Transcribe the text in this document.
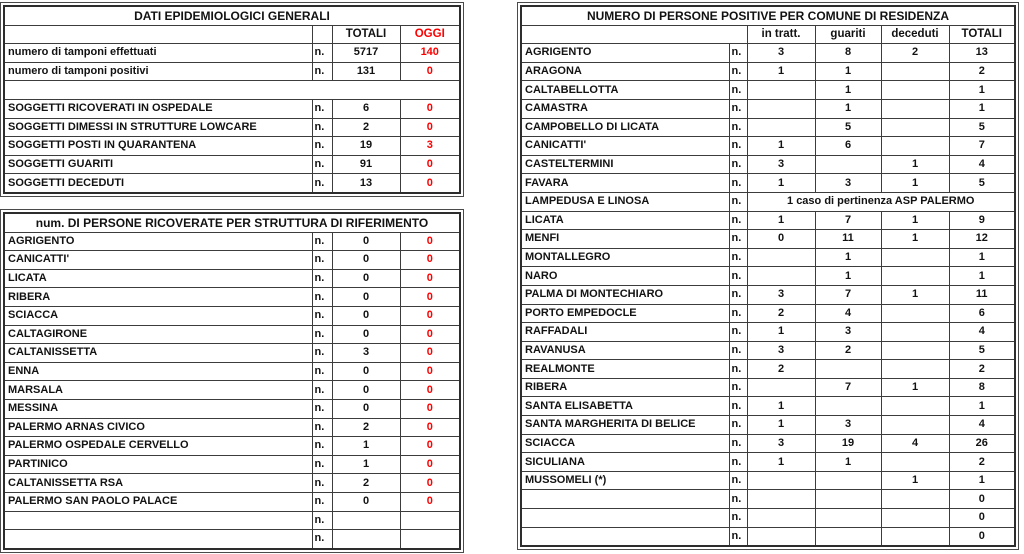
DATI EPIDEMIOLOGICI GENERALI			
		TOTALI	OGGI
numero di tamponi effettuati	n.	5717	140
numero di tamponi positivi	n.	131	0

SOGGETTI RICOVERATI IN OSPEDALE	n.	6	0
SOGGETTI DIMESSI IN STRUTTURE LOWCARE	n.	2	0
SOGGETTI POSTI IN QUARANTENA	n.	19	3
SOGGETTI GUARITI	n.	91	0
SOGGETTI DECEDUTI	n.	13	0
num. DI PERSONE RICOVERATE PER STRUTTURA DI RIFERIMENTO			
AGRIGENTO	n.	0	0
CANICATTI'	n.	0	0
LICATA	n.	0	0
RIBERA	n.	0	0
SCIACCA	n.	0	0
CALTAGIRONE	n.	0	0
CALTANISSETTA	n.	3	0
ENNA	n.	0	0
MARSALA	n.	0	0
MESSINA	n.	0	0
PALERMO ARNAS CIVICO	n.	2	0
PALERMO OSPEDALE CERVELLO	n.	1	0
PARTINICO	n.	1	0
CALTANISSETTA RSA	n.	2	0
PALERMO SAN PAOLO PALACE	n.	0	0
	n.		
	n.		
NUMERO DI PERSONE POSITIVE PER COMUNE DI RESIDENZA					
		in tratt.	guariti	deceduti	TOTALI
AGRIGENTO	n.	3	8	2	13
ARAGONA	n.	1	1		2
CALTABELLOTTA	n.		1		1
CAMASTRA	n.		1		1
CAMPOBELLO DI LICATA	n.		5		5
CANICATTI'	n.	1	6		7
CASTELTERMINI	n.	3		1	4
FAVARA	n.	1	3	1	5
LAMPEDUSA E LINOSA	n.	1 caso di pertinenza ASP PALERMO			
LICATA	n.	1	7	1	9
MENFI	n.	0	11	1	12
MONTALLEGRO	n.		1		1
NARO	n.		1		1
PALMA DI MONTECHIARO	n.	3	7	1	11
PORTO EMPEDOCLE	n.	2	4		6
RAFFADALI	n.	1	3		4
RAVANUSA	n.	3	2		5
REALMONTE	n.	2			2
RIBERA	n.		7	1	8
SANTA ELISABETTA	n.	1			1
SANTA MARGHERITA DI BELICE	n.	1	3		4
SCIACCA	n.	3	19	4	26
SICULIANA	n.	1	1		2
MUSSOMELI (*)	n.			1	1
	n.				0
	n.				0
	n.				0
